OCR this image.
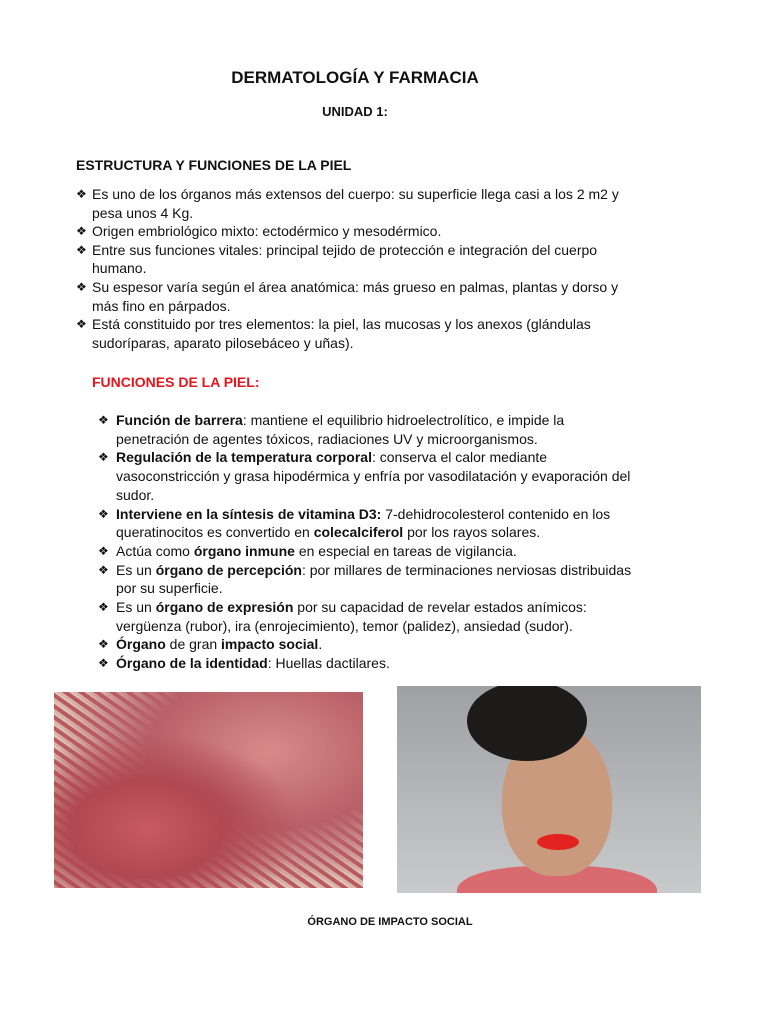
DERMATOLOGÍA Y FARMACIA
UNIDAD 1:
ESTRUCTURA Y FUNCIONES DE LA PIEL
❖ Es uno de los órganos más extensos del cuerpo: su superficie llega casi a los 2 m2 y pesa unos 4 Kg.
❖ Origen embriológico mixto: ectodérmico y mesodérmico.
❖ Entre sus funciones vitales: principal tejido de protección e integración del cuerpo humano.
❖ Su espesor varía según el área anatómica: más grueso en palmas, plantas y dorso y más fino en párpados.
❖ Está constituido por tres elementos: la piel, las mucosas y los anexos (glándulas sudoríparas, aparato pilosebáceo y uñas).
FUNCIONES DE LA PIEL:
❖ Función de barrera: mantiene el equilibrio hidroelectrolítico, e impide la penetración de agentes tóxicos, radiaciones UV y microorganismos.
❖ Regulación de la temperatura corporal: conserva el calor mediante vasoconstricción y grasa hipodérmica y enfría por vasodilatación y evaporación del sudor.
❖ Interviene en la síntesis de vitamina D3: 7-dehidrocolesterol contenido en los queratinocitos es convertido en colecalciferol por los rayos solares.
❖ Actúa como órgano inmune en especial en tareas de vigilancia.
❖ Es un órgano de percepción: por millares de terminaciones nerviosas distribuidas por su superficie.
❖ Es un órgano de expresión por su capacidad de revelar estados anímicos: vergüenza (rubor), ira (enrojecimiento), temor (palidez), ansiedad (sudor).
❖ Órgano de gran impacto social.
❖ Órgano de la identidad: Huellas dactilares.
ÓRGANO DE IMPACTO SOCIAL
